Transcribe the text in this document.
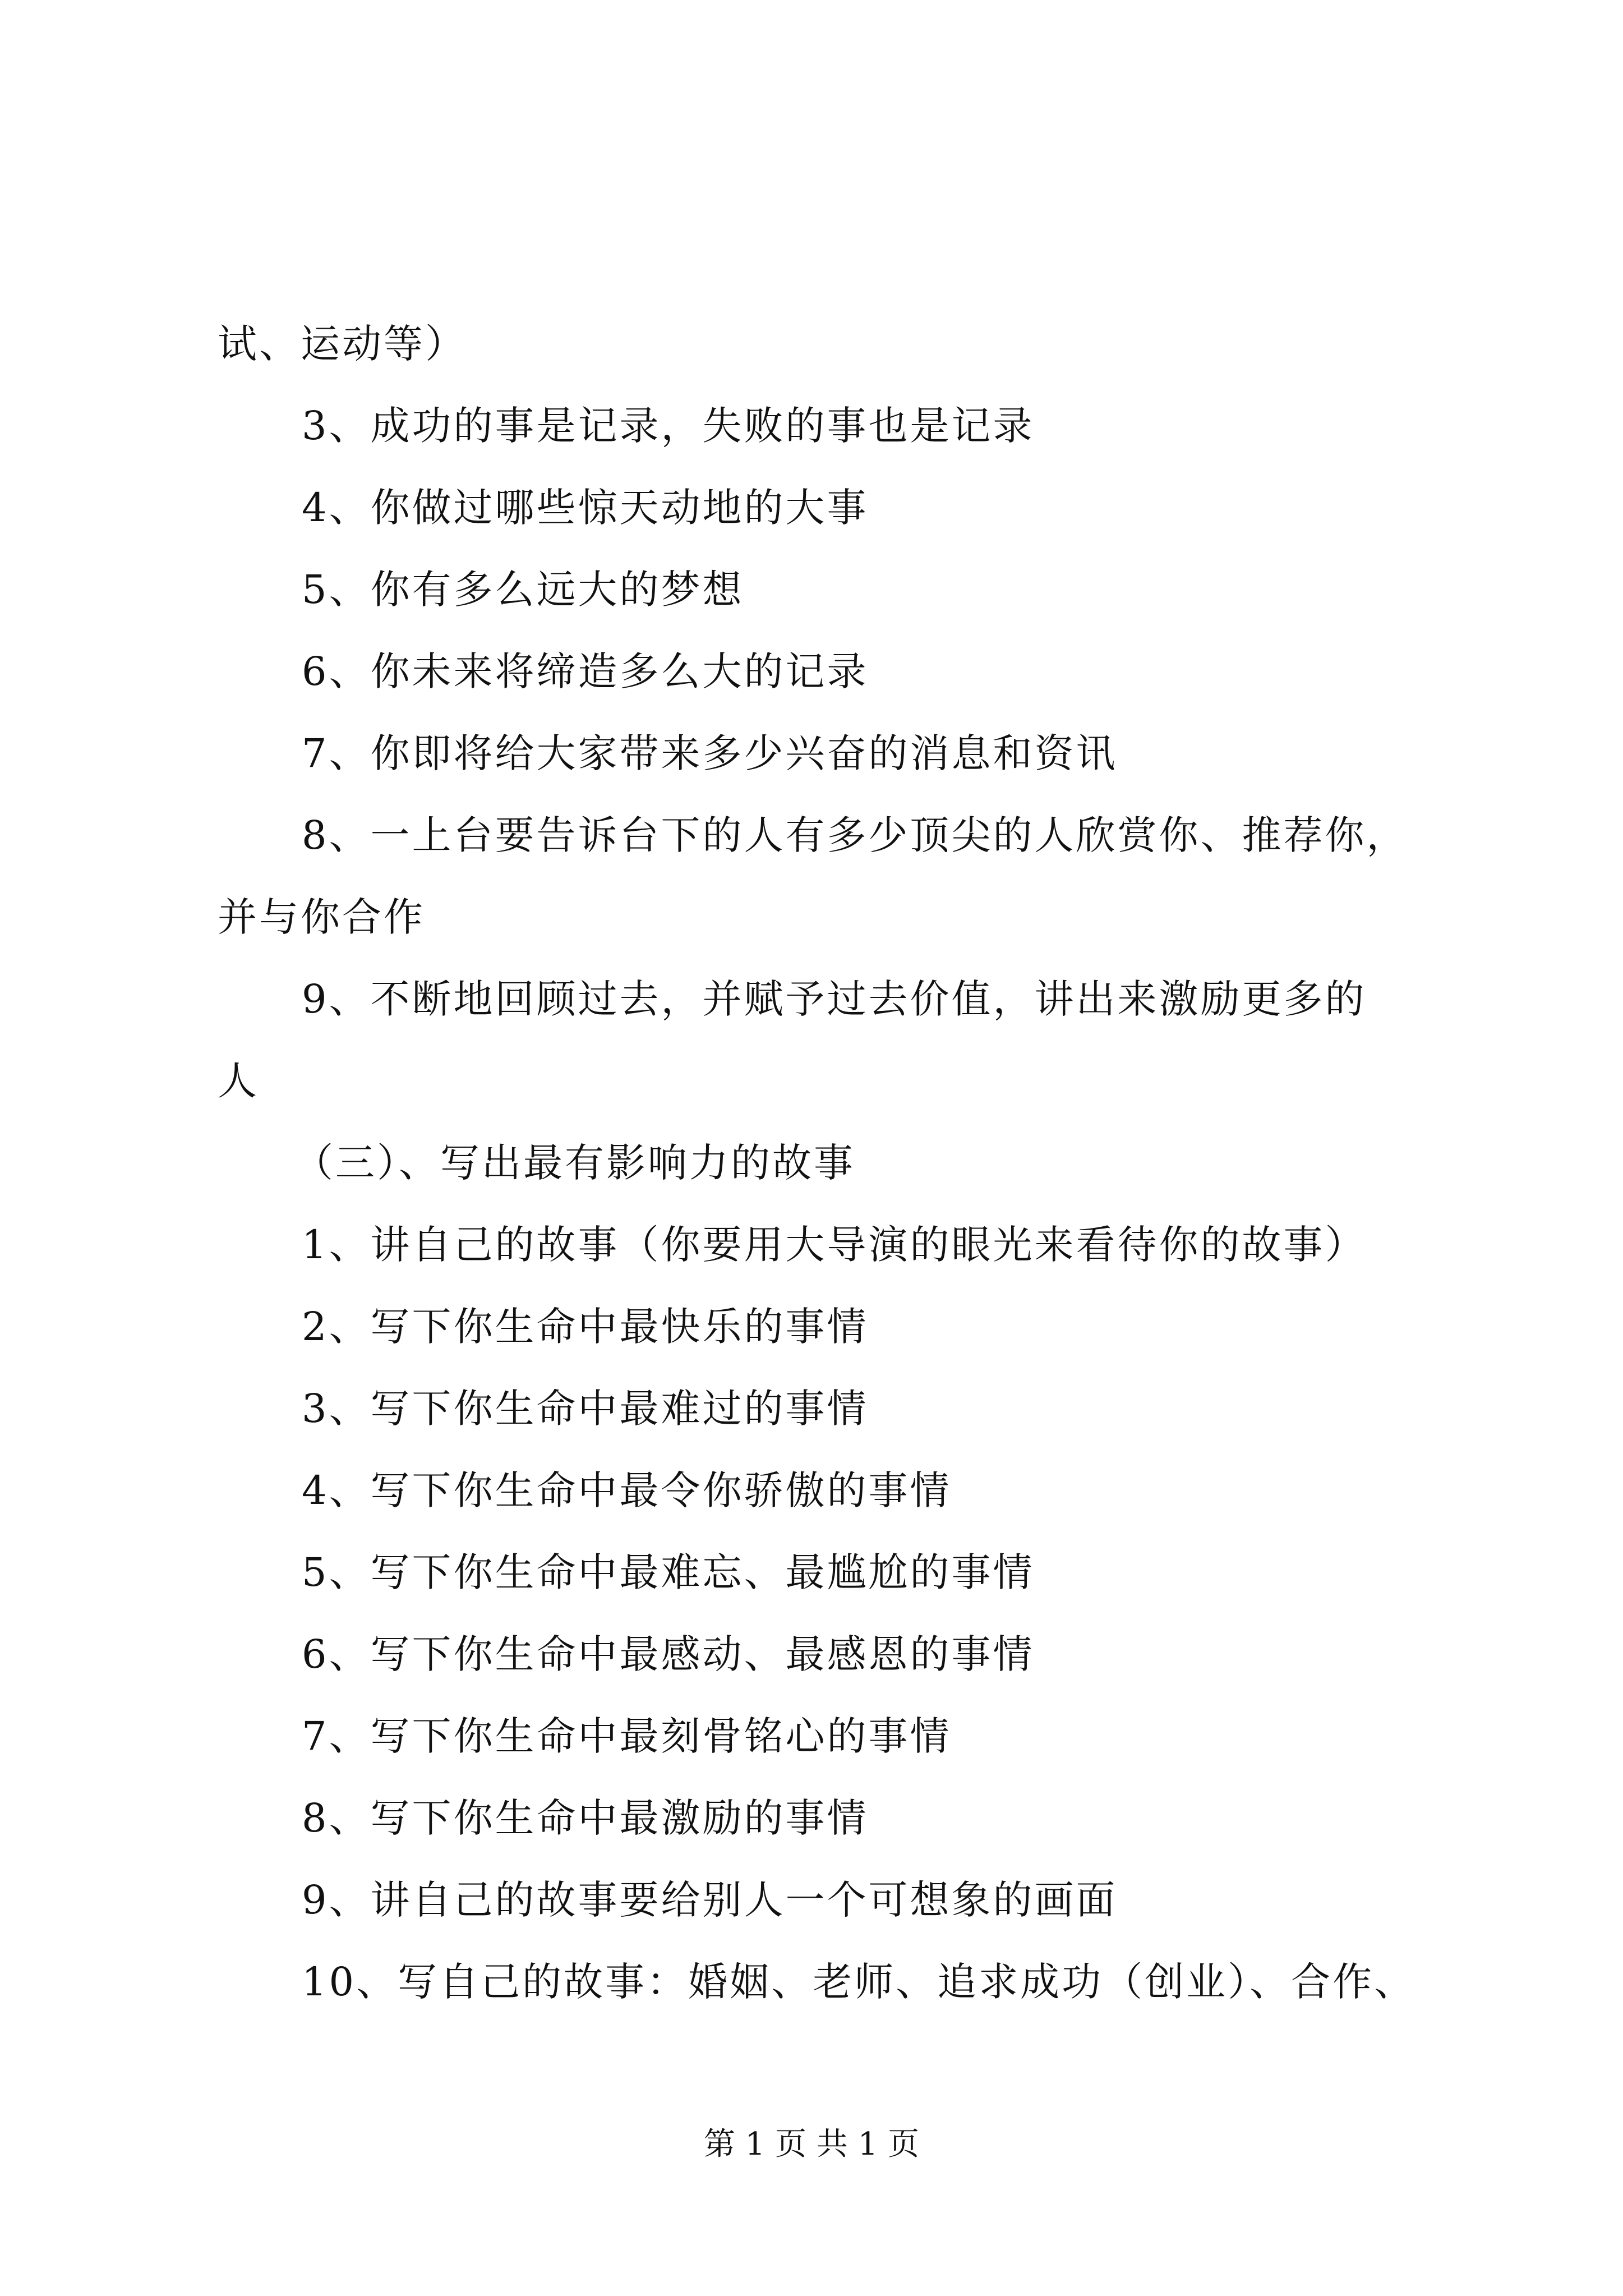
试、运动等）
3、成功的事是记录，失败的事也是记录
4、你做过哪些惊天动地的大事
5、你有多么远大的梦想
6、你未来将缔造多么大的记录
7、你即将给大家带来多少兴奋的消息和资讯
8、一上台要告诉台下的人有多少顶尖的人欣赏你、推荐你，
并与你合作
9、不断地回顾过去，并赋予过去价值，讲出来激励更多的
人
（三）、写出最有影响力的故事
1、讲自己的故事（你要用大导演的眼光来看待你的故事）
2、写下你生命中最快乐的事情
3、写下你生命中最难过的事情
4、写下你生命中最令你骄傲的事情
5、写下你生命中最难忘、最尴尬的事情
6、写下你生命中最感动、最感恩的事情
7、写下你生命中最刻骨铭心的事情
8、写下你生命中最激励的事情
9、讲自己的故事要给别人一个可想象的画面
10、写自己的故事：婚姻、老师、追求成功（创业）、合作、
第 1 页 共 1 页
